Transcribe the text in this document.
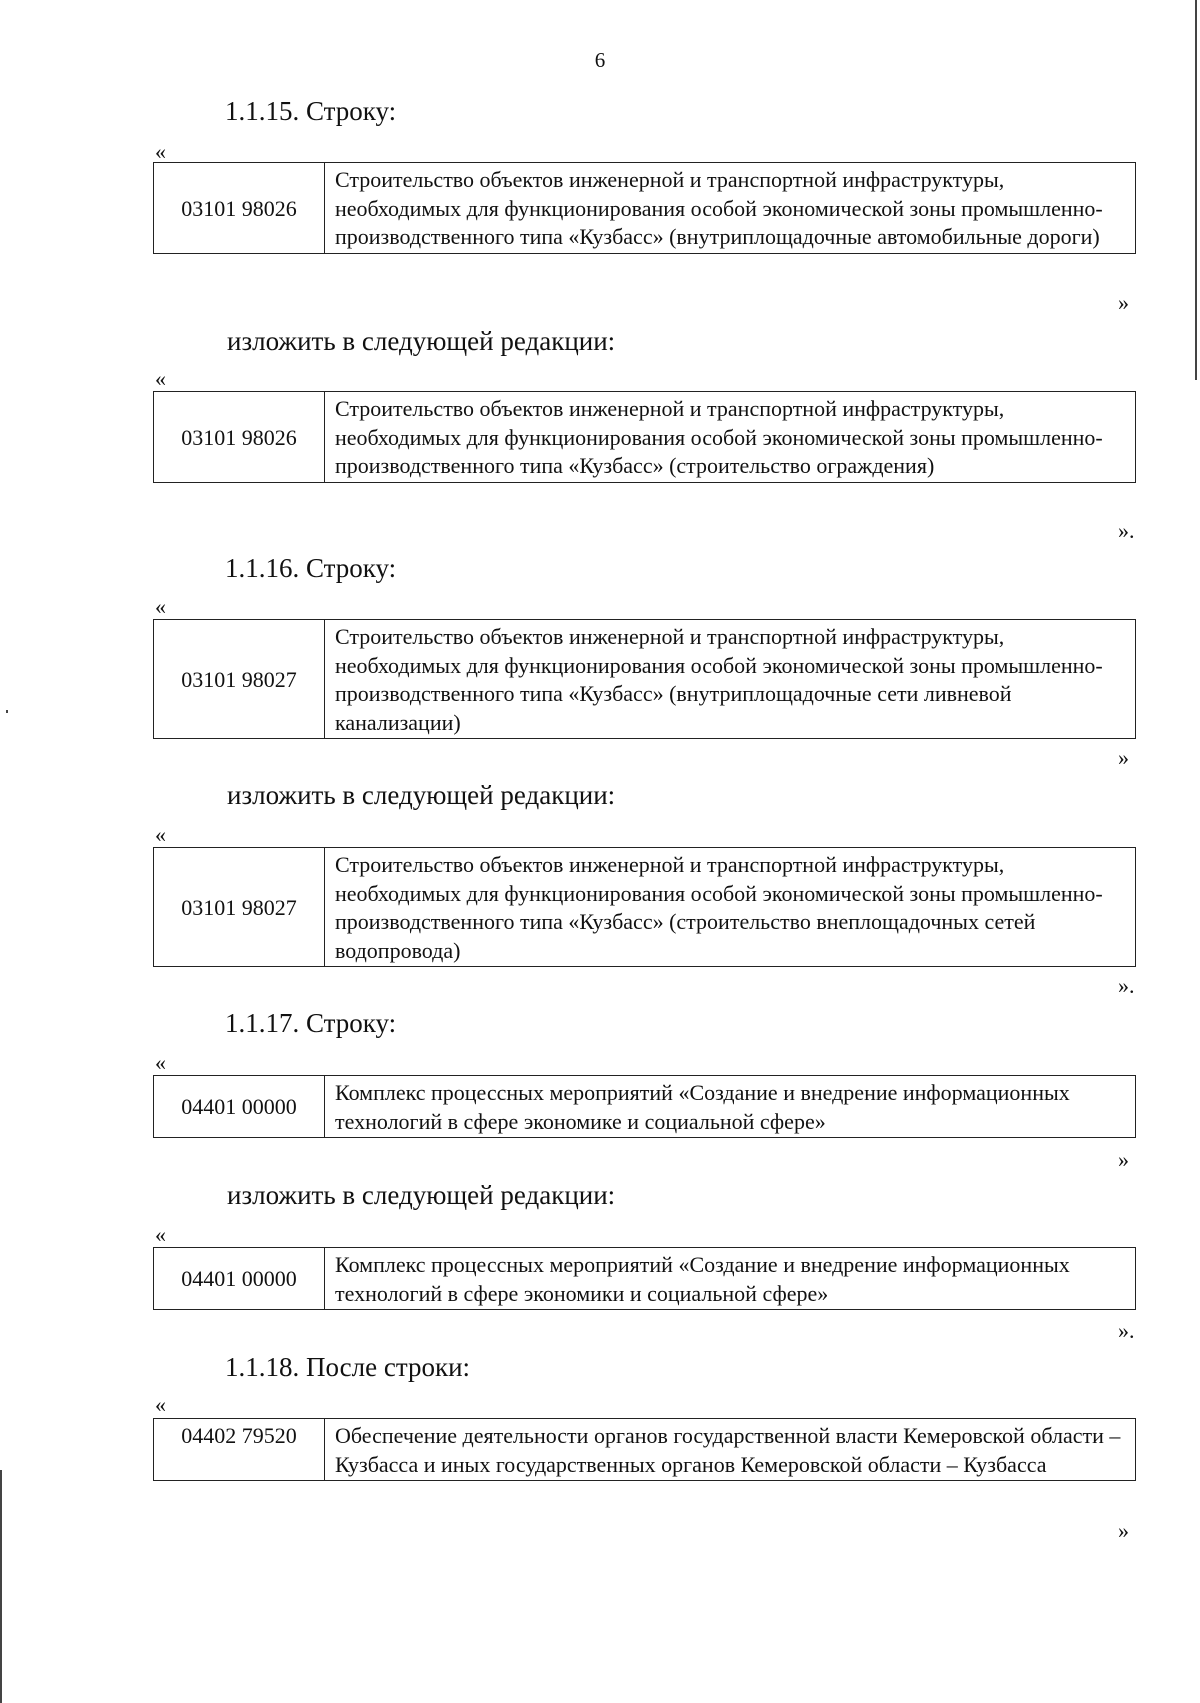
6
1.1.15. Строку:
«
03101 98026	Строительство объектов инженерной и транспортной инфраструктуры, необходимых для функционирования особой экономической зоны промышленно-производственного типа «Кузбасс» (внутриплощадочные автомобильные дороги)
»
изложить в следующей редакции:
«
03101 98026	Строительство объектов инженерной и транспортной инфраструктуры, необходимых для функционирования особой экономической зоны промышленно-производственного типа «Кузбасс» (строительство ограждения)
».
1.1.16. Строку:
«
03101 98027	Строительство объектов инженерной и транспортной инфраструктуры, необходимых для функционирования особой экономической зоны промышленно-производственного типа «Кузбасс» (внутриплощадочные сети ливневой канализации)
»
изложить в следующей редакции:
«
03101 98027	Строительство объектов инженерной и транспортной инфраструктуры, необходимых для функционирования особой экономической зоны промышленно-производственного типа «Кузбасс» (строительство внеплощадочных сетей водопровода)
».
1.1.17. Строку:
«
04401 00000	Комплекс процессных мероприятий «Создание и внедрение информационных технологий в сфере экономике и социальной сфере»
»
изложить в следующей редакции:
«
04401 00000	Комплекс процессных мероприятий «Создание и внедрение информационных технологий в сфере экономики и социальной сфере»
».
1.1.18. После строки:
«
04402 79520	Обеспечение деятельности органов государственной власти Кемеровской области – Кузбасса и иных государственных органов Кемеровской области – Кузбасса
»
